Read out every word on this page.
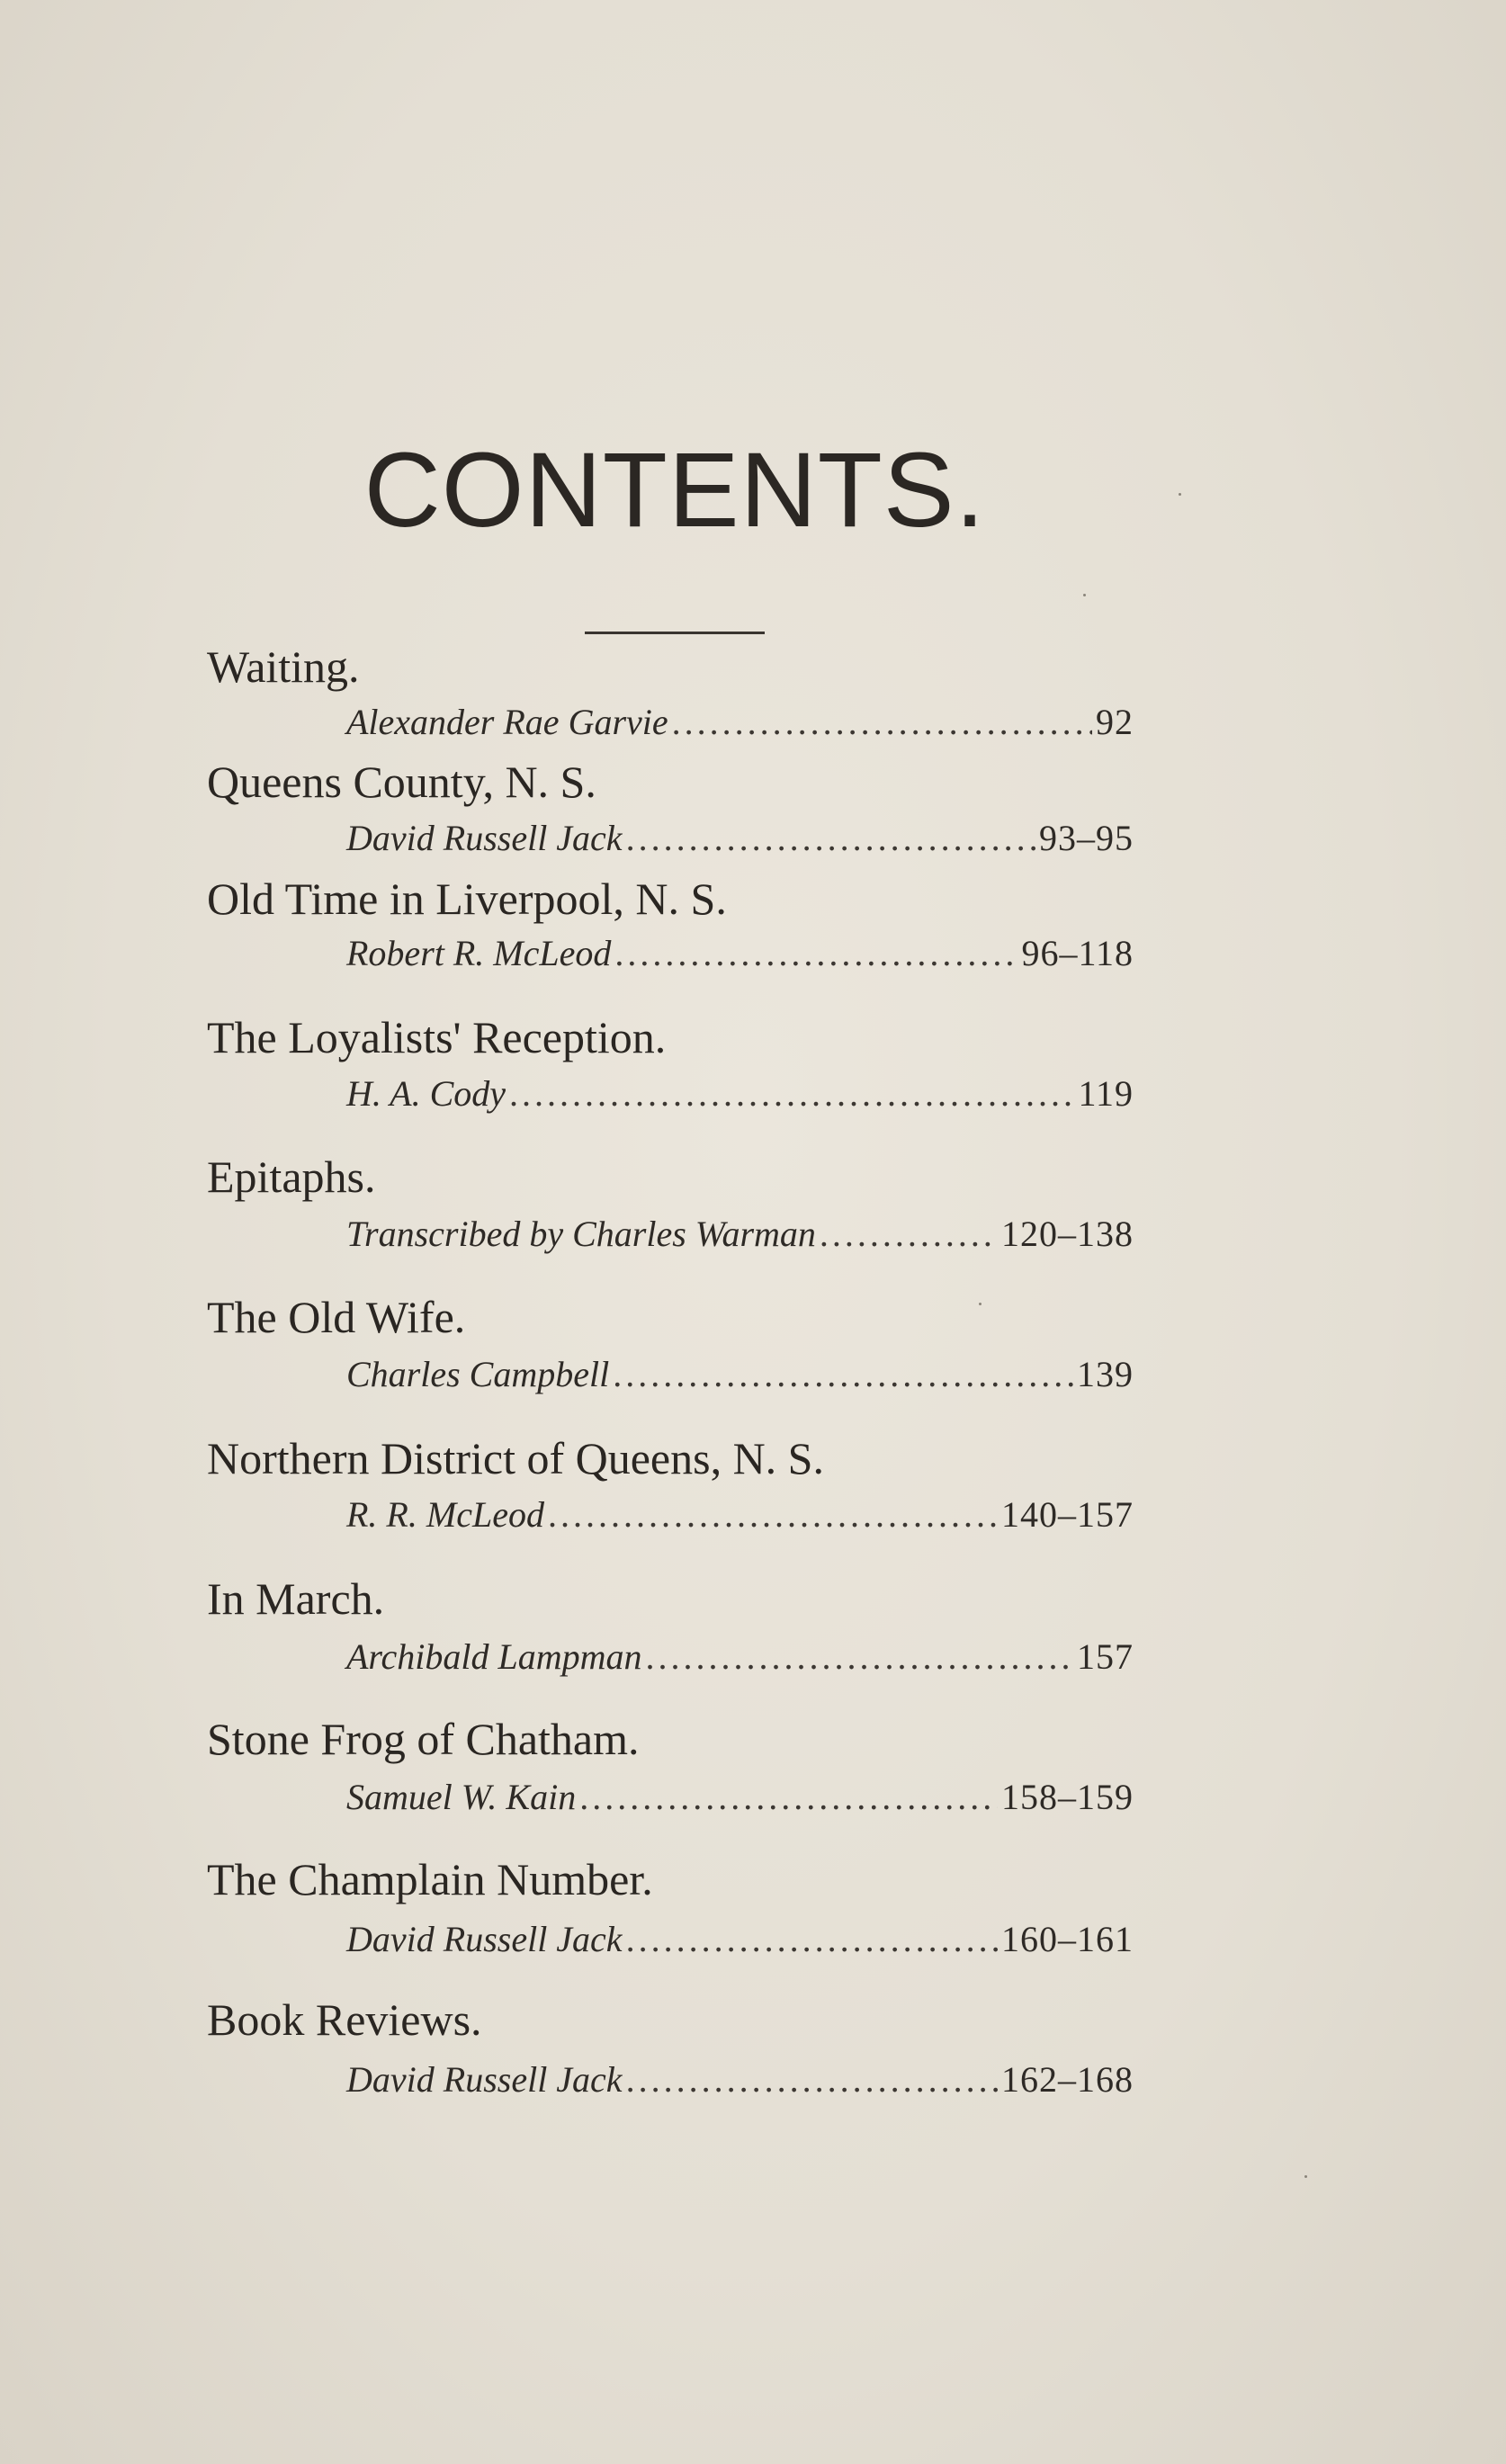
CONTENTS.
Waiting.
Alexander Rae Garvie .....	92
Queens County, N. S.
David Russell Jack .....	93–95
Old Time in Liverpool, N. S.
Robert R. McLeod .....	96–118
The Loyalists' Reception.
H. A. Cody .....	119
Epitaphs.
Transcribed by Charles Warman .....	120–138
The Old Wife.
Charles Campbell .....	139
Northern District of Queens, N. S.
R. R. McLeod .....	140–157
In March.
Archibald Lampman .....	157
Stone Frog of Chatham.
Samuel W. Kain .....	158–159
The Champlain Number.
David Russell Jack .....	160–161
Book Reviews.
David Russell Jack .....	162–168
